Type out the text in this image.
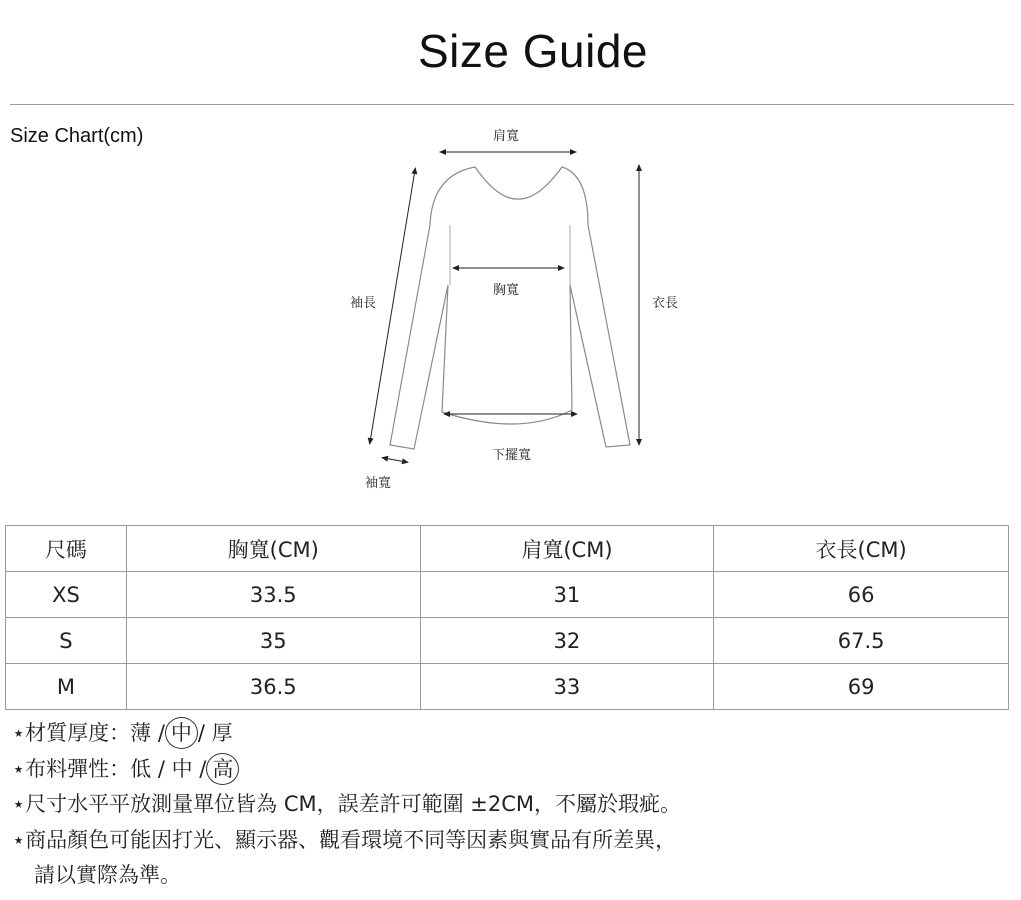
Size Guide
Size Chart(cm)	肩寬
袖長
胸寬
衣長
下擺寬
袖寬
尺碼	胸寬(CM)	肩寬(CM)	衣長(CM)
XS	33.5	31	66
S	35	32	67.5
M	36.5	33	69
⋆材質厚度：薄 / 中 / 厚
⋆布料彈性：低 / 中 / 高
⋆尺寸水平平放測量單位皆為 CM，誤差許可範圍 ±2CM，不屬於瑕疵。
⋆商品顏色可能因打光、顯示器、觀看環境不同等因素與實品有所差異，
請以實際為準。
